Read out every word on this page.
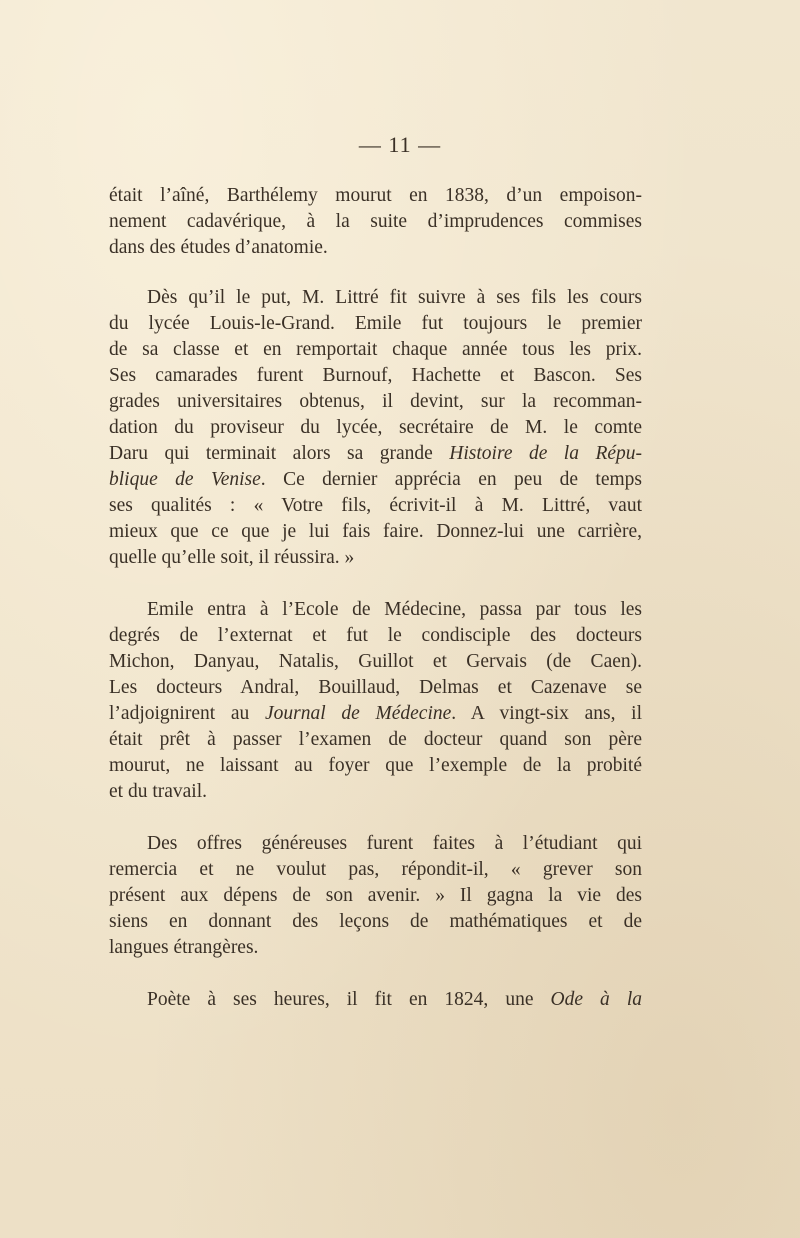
— 11 —
était l’aîné, Barthélemy mourut en 1838, d’un empoison-
nement cadavérique, à la suite d’imprudences commises
dans des études d’anatomie.
Dès qu’il le put, M. Littré fit suivre à ses fils les cours
du lycée Louis-le-Grand. Emile fut toujours le premier
de sa classe et en remportait chaque année tous les prix.
Ses camarades furent Burnouf, Hachette et Bascon. Ses
grades universitaires obtenus, il devint, sur la recomman-
dation du proviseur du lycée, secrétaire de M. le comte
Daru qui terminait alors sa grande Histoire de la Répu-
blique de Venise. Ce dernier apprécia en peu de temps
ses qualités : « Votre fils, écrivit-il à M. Littré, vaut
mieux que ce que je lui fais faire. Donnez-lui une carrière,
quelle qu’elle soit, il réussira. »
Emile entra à l’Ecole de Médecine, passa par tous les
degrés de l’externat et fut le condisciple des docteurs
Michon, Danyau, Natalis, Guillot et Gervais (de Caen).
Les docteurs Andral, Bouillaud, Delmas et Cazenave se
l’adjoignirent au Journal de Médecine. A vingt-six ans, il
était prêt à passer l’examen de docteur quand son père
mourut, ne laissant au foyer que l’exemple de la probité
et du travail.
Des offres généreuses furent faites à l’étudiant qui
remercia et ne voulut pas, répondit-il, « grever son
présent aux dépens de son avenir. » Il gagna la vie des
siens en donnant des leçons de mathématiques et de
langues étrangères.
Poète à ses heures, il fit en 1824, une Ode à la
